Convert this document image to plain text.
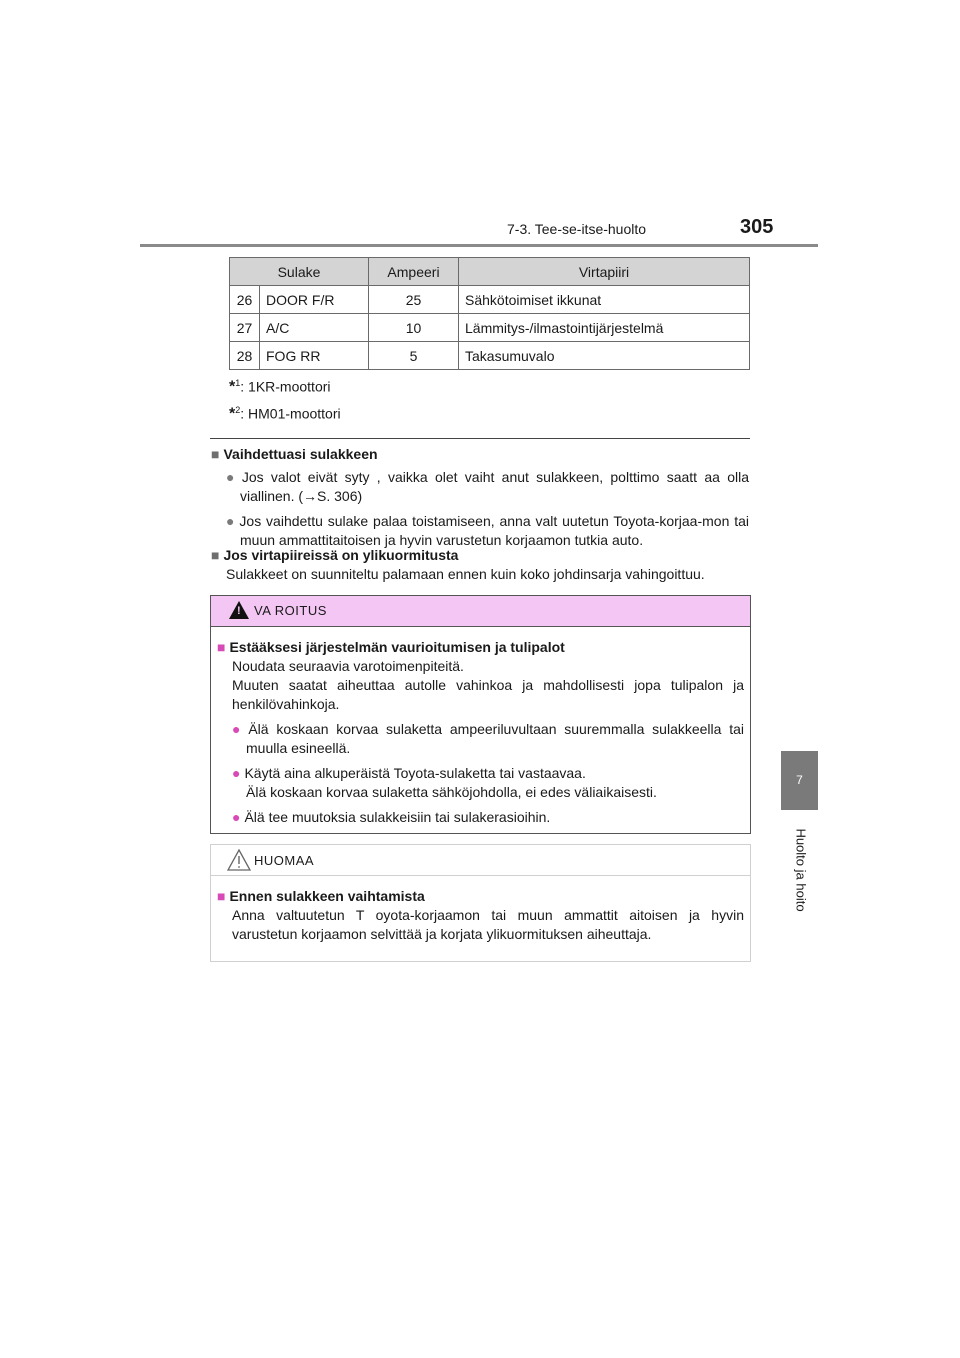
7-3. Tee-se-itse-huolto	305
7
Huolto ja hoito
Sulake		Ampeeri	Virtapiiri
26	DOOR F/R	25	Sähkötoimiset ikkunat
27	A/C	10	Lämmitys-/ilmastointijärjestelmä
28	FOG RR	5	Takasumuvalo
*$^1$: 1KR-moottori
*$^2$: HM01-moottori
■ Vaihdettuasi sulakkeen
● Jos valot eivät syty , vaikka olet vaiht anut sulakkeen, polttimo saatt aa olla viallinen. (→S. 306)
● Jos vaihdettu sulake palaa toistamiseen, anna valt uutetun Toyota-korjaa-mon tai muun ammattitaitoisen ja hyvin varustetun korjaamon tutkia auto.
■ Jos virtapiireissä on ylikuormitusta
Sulakkeet on suunniteltu palamaan ennen kuin koko johdinsarja vahingoittuu.
!
VA ROITUS
■ Estääksesi järjestelmän vaurioitumisen ja tulipalot
Noudata seuraavia varotoimenpiteitä.
Muuten saatat aiheuttaa autolle vahinkoa ja mahdollisesti jopa tulipalon ja henkilövahinkoja.
● Älä koskaan korvaa sulaketta ampeeriluvultaan suuremmalla sulakkeella tai muulla esineellä.
● Käytä aina alkuperäistä Toyota-sulaketta tai vastaavaa.
Älä koskaan korvaa sulaketta sähköjohdolla, ei edes väliaikaisesti.
● Älä tee muutoksia sulakkeisiin tai sulakerasioihin.
HUOMAA
■ Ennen sulakkeen vaihtamista
Anna valtuutetun T oyota-korjaamon tai muun ammattit aitoisen ja hyvin varustetun korjaamon selvittää ja korjata ylikuormituksen aiheuttaja.
